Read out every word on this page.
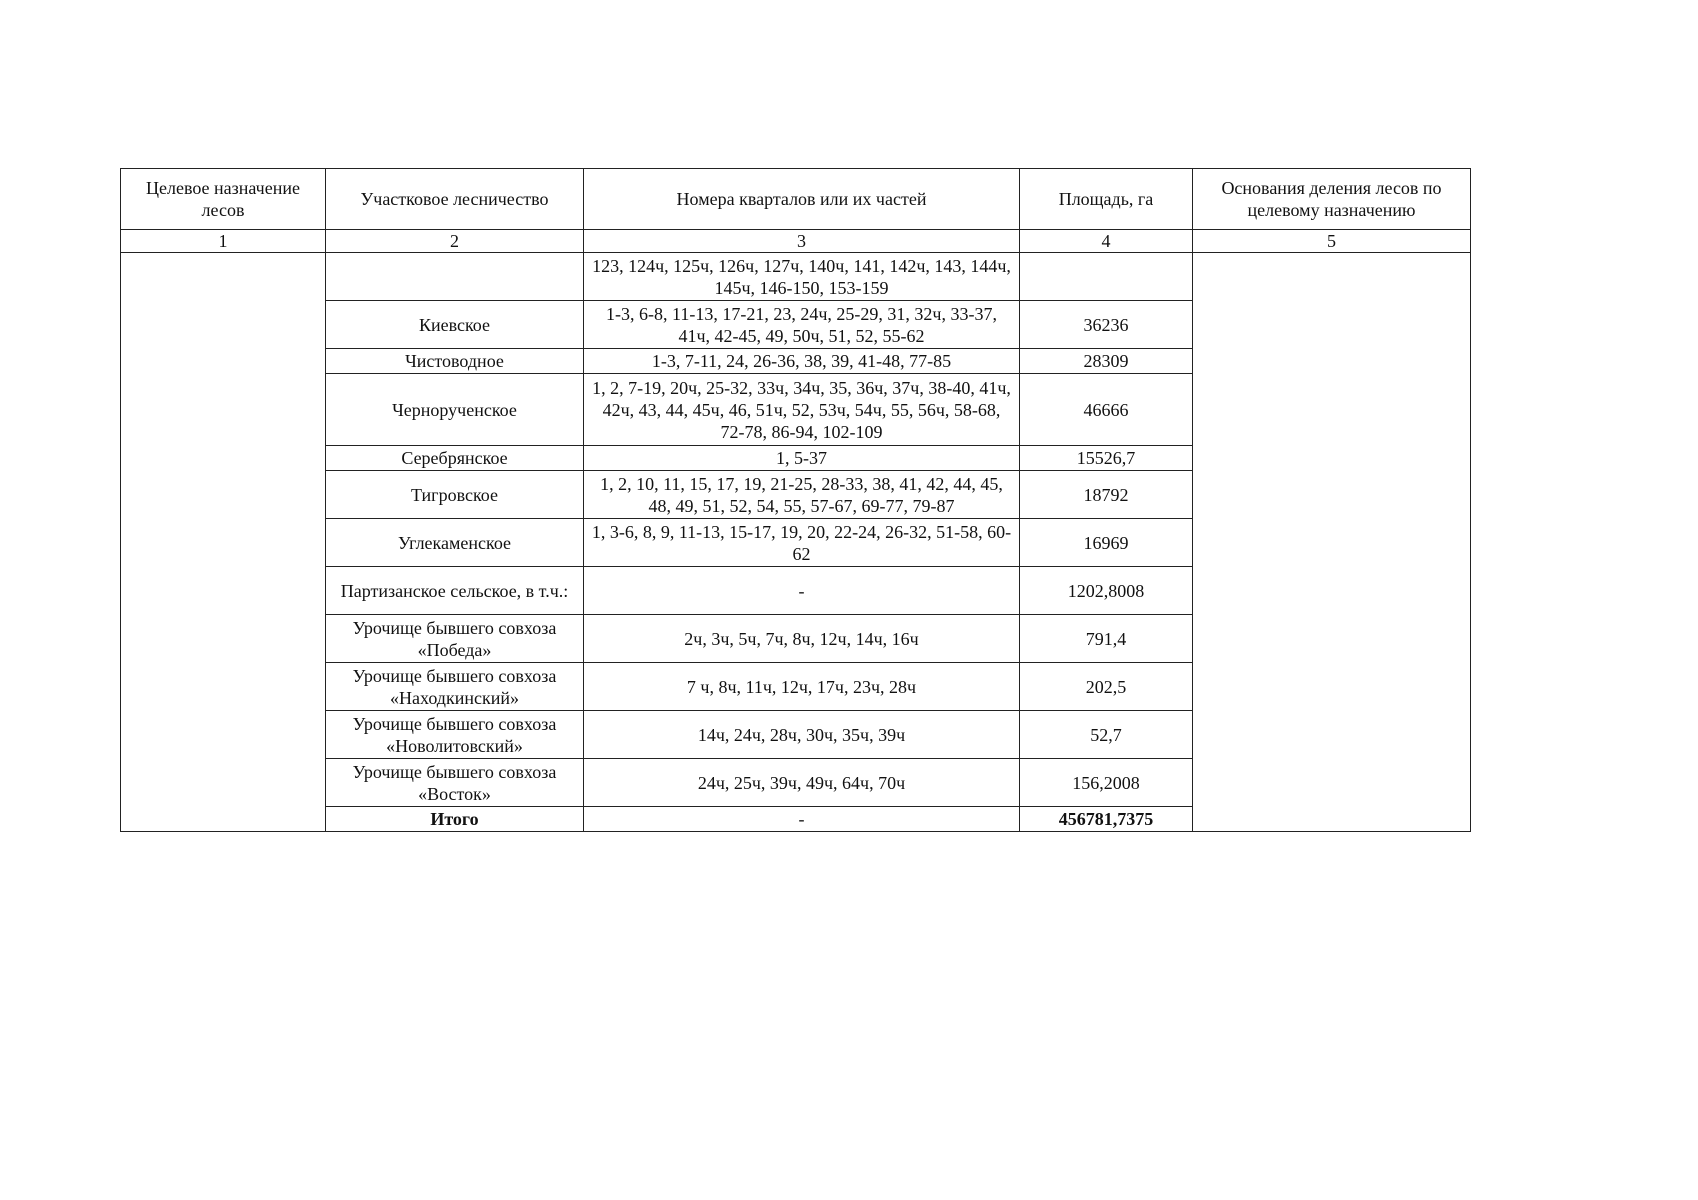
Целевое назначение лесов	Участковое лесничество	Номера кварталов или их частей	Площадь, га	Основания деления лесов по целевому назначению
1	2	3	4	5
		123, 124ч, 125ч, 126ч, 127ч, 140ч, 141, 142ч, 143, 144ч, 145ч, 146-150, 153-159		
	Киевское	1-3, 6-8, 11-13, 17-21, 23, 24ч, 25-29, 31, 32ч, 33-37, 41ч, 42-45, 49, 50ч, 51, 52, 55-62	36236	
	Чистоводное	1-3, 7-11, 24, 26-36, 38, 39, 41-48, 77-85	28309	
	Чернорученское	1, 2, 7-19, 20ч, 25-32, 33ч, 34ч, 35, 36ч, 37ч, 38-40, 41ч, 42ч, 43, 44, 45ч, 46, 51ч, 52, 53ч, 54ч, 55, 56ч, 58-68, 72-78, 86-94, 102-109	46666	
	Серебрянское	1, 5-37	15526,7	
	Тигровское	1, 2, 10, 11, 15, 17, 19, 21-25, 28-33, 38, 41, 42, 44, 45, 48, 49, 51, 52, 54, 55, 57-67, 69-77, 79-87	18792	
	Углекаменское	1, 3-6, 8, 9, 11-13, 15-17, 19, 20, 22-24, 26-32, 51-58, 60-62	16969	
	Партизанское сельское, в т.ч.:	-	1202,8008	
	Урочище бывшего совхоза «Победа»	2ч, 3ч, 5ч, 7ч, 8ч, 12ч, 14ч, 16ч	791,4	
	Урочище бывшего совхоза «Находкинский»	7 ч, 8ч, 11ч, 12ч, 17ч, 23ч, 28ч	202,5	
	Урочище бывшего совхоза «Новолитовский»	14ч, 24ч, 28ч, 30ч, 35ч, 39ч	52,7	
	Урочище бывшего совхоза «Восток»	24ч, 25ч, 39ч, 49ч, 64ч, 70ч	156,2008	
	Итого	-	456781,7375	
